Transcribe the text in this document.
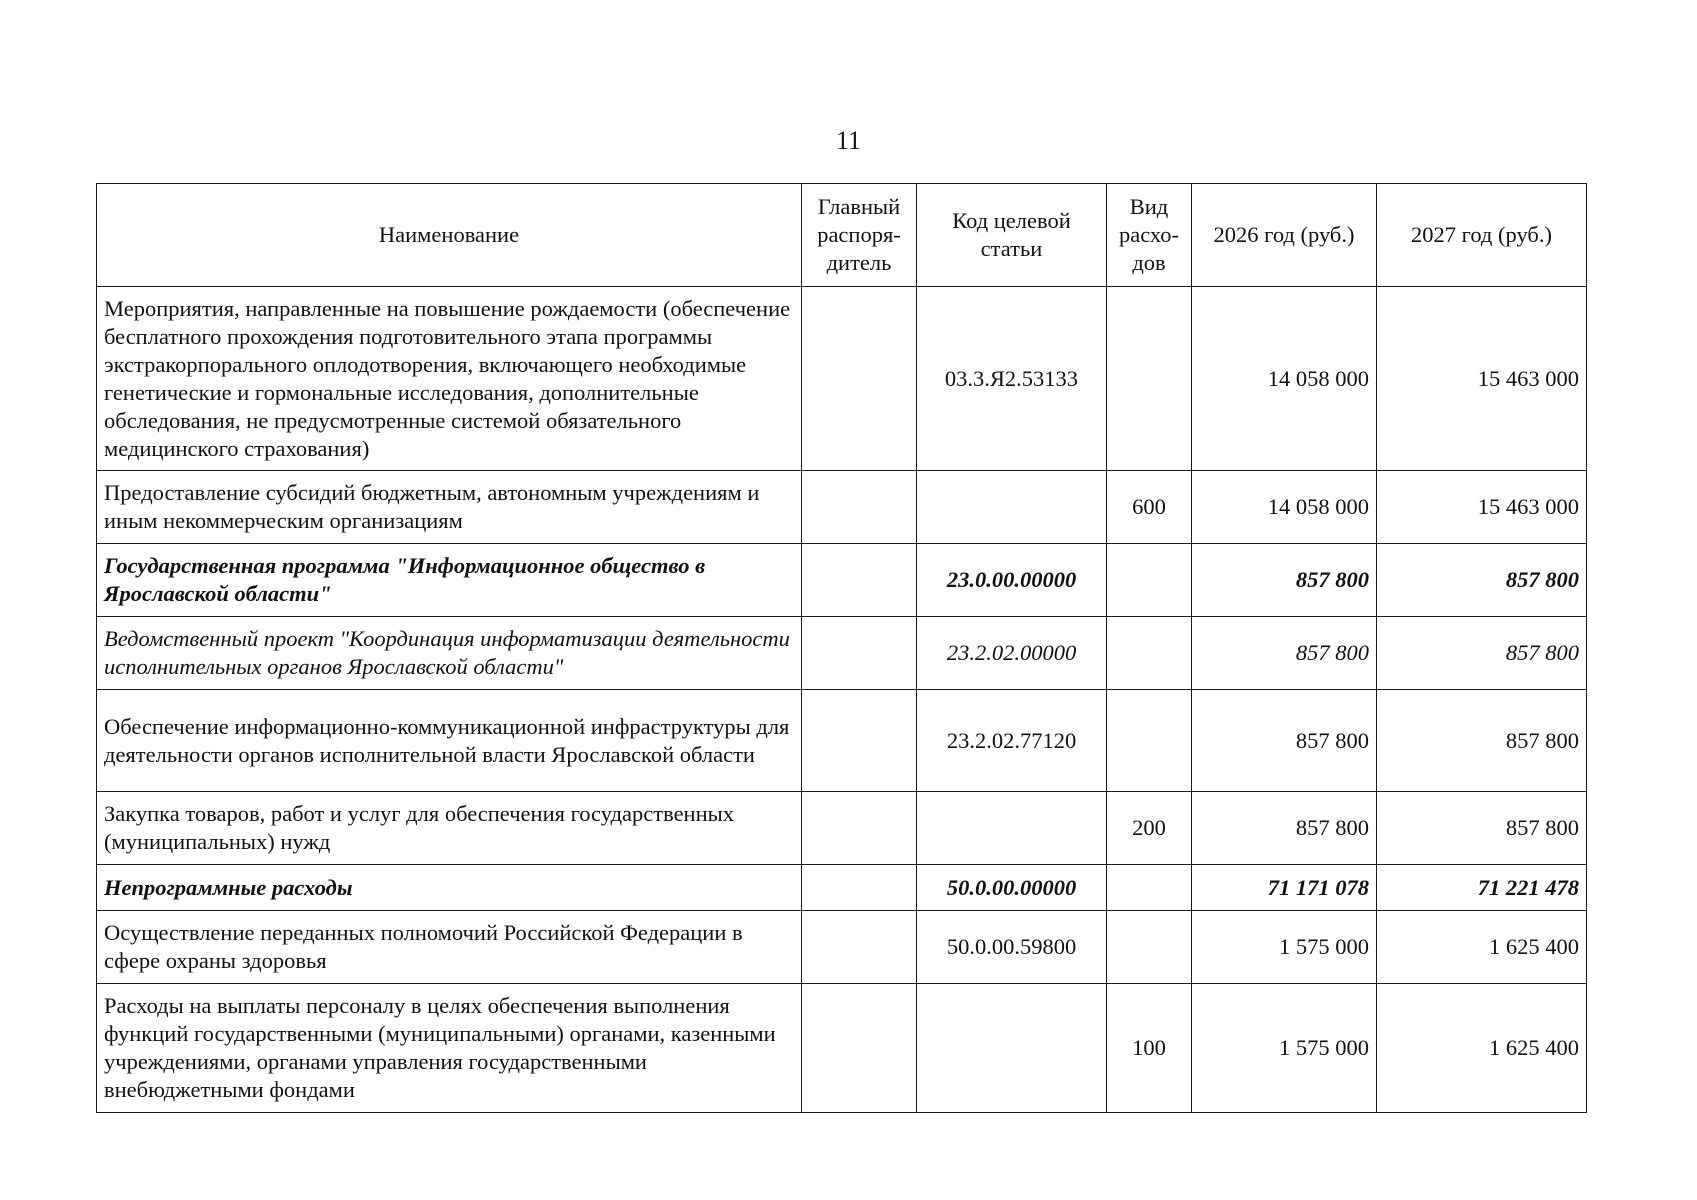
11
Наименование	Главный распоря-дитель	Код целевой статьи	Вид расхо-дов	2026 год (руб.)	2027 год (руб.)
Мероприятия, направленные на повышение рождаемости (обеспечение бесплатного прохождения подготовительного этапа программы экстракорпорального оплодотворения, включающего необходимые генетические и гормональные исследования, дополнительные обследования, не предусмотренные системой обязательного медицинского страхования)		03.3.Я2.53133		14 058 000	15 463 000
Предоставление субсидий бюджетным, автономным учреждениям и иным некоммерческим организациям			600	14 058 000	15 463 000
Государственная программа "Информационное общество в Ярославской области"		23.0.00.00000		857 800	857 800
Ведомственный проект "Координация информатизации деятельности исполнительных органов Ярославской области"		23.2.02.00000		857 800	857 800
Обеспечение информационно-коммуникационной инфраструктуры для деятельности органов исполнительной власти Ярославской области		23.2.02.77120		857 800	857 800
Закупка товаров, работ и услуг для обеспечения государственных (муниципальных) нужд			200	857 800	857 800
Непрограммные расходы		50.0.00.00000		71 171 078	71 221 478
Осуществление переданных полномочий Российской Федерации в сфере охраны здоровья		50.0.00.59800		1 575 000	1 625 400
Расходы на выплаты персоналу в целях обеспечения выполнения функций государственными (муниципальными) органами, казенными учреждениями, органами управления государственными внебюджетными фондами			100	1 575 000	1 625 400
